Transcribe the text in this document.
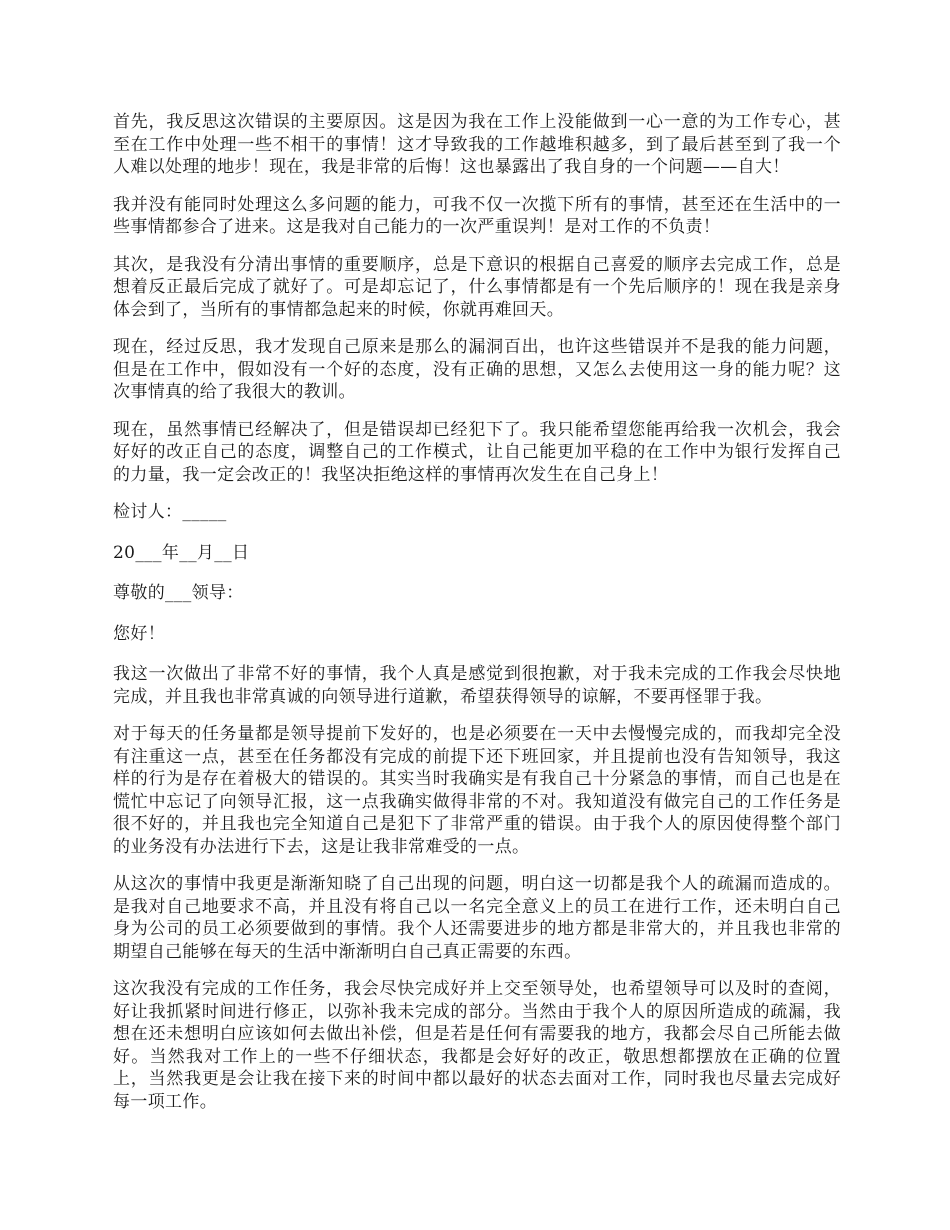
首先，我反思这次错误的主要原因。这是因为我在工作上没能做到一心一意的为工作专心，甚至在工作中处理一些不相干的事情！这才导致我的工作越堆积越多，到了最后甚至到了我一个人难以处理的地步！现在，我是非常的后悔！这也暴露出了我自身的一个问题——自大！

我并没有能同时处理这么多问题的能力，可我不仅一次揽下所有的事情，甚至还在生活中的一些事情都参合了进来。这是我对自己能力的一次严重误判！是对工作的不负责！

其次，是我没有分清出事情的重要顺序，总是下意识的根据自己喜爱的顺序去完成工作，总是想着反正最后完成了就好了。可是却忘记了，什么事情都是有一个先后顺序的！现在我是亲身体会到了，当所有的事情都急起来的时候，你就再难回天。

现在，经过反思，我才发现自己原来是那么的漏洞百出，也许这些错误并不是我的能力问题，但是在工作中，假如没有一个好的态度，没有正确的思想，又怎么去使用这一身的能力呢？这次事情真的给了我很大的教训。

现在，虽然事情已经解决了，但是错误却已经犯下了。我只能希望您能再给我一次机会，我会好好的改正自己的态度，调整自己的工作模式，让自己能更加平稳的在工作中为银行发挥自己的力量，我一定会改正的！我坚决拒绝这样的事情再次发生在自己身上！

检讨人：_____

20___年__月__日

尊敬的___领导：

您好！

我这一次做出了非常不好的事情，我个人真是感觉到很抱歉，对于我未完成的工作我会尽快地完成，并且我也非常真诚的向领导进行道歉，希望获得领导的谅解，不要再怪罪于我。

对于每天的任务量都是领导提前下发好的，也是必须要在一天中去慢慢完成的，而我却完全没有注重这一点，甚至在任务都没有完成的前提下还下班回家，并且提前也没有告知领导，我这样的行为是存在着极大的错误的。其实当时我确实是有我自己十分紧急的事情，而自己也是在慌忙中忘记了向领导汇报，这一点我确实做得非常的不对。我知道没有做完自己的工作任务是很不好的，并且我也完全知道自己是犯下了非常严重的错误。由于我个人的原因使得整个部门的业务没有办法进行下去，这是让我非常难受的一点。

从这次的事情中我更是渐渐知晓了自己出现的问题，明白这一切都是我个人的疏漏而造成的。是我对自己地要求不高，并且没有将自己以一名完全意义上的员工在进行工作，还未明白自己身为公司的员工必须要做到的事情。我个人还需要进步的地方都是非常大的，并且我也非常的期望自己能够在每天的生活中渐渐明白自己真正需要的东西。

这次我没有完成的工作任务，我会尽快完成好并上交至领导处，也希望领导可以及时的查阅，好让我抓紧时间进行修正，以弥补我未完成的部分。当然由于我个人的原因所造成的疏漏，我想在还未想明白应该如何去做出补偿，但是若是任何有需要我的地方，我都会尽自己所能去做好。当然我对工作上的一些不仔细状态，我都是会好好的改正，敬思想都摆放在正确的位置上，当然我更是会让我在接下来的时间中都以最好的状态去面对工作，同时我也尽量去完成好每一项工作。
